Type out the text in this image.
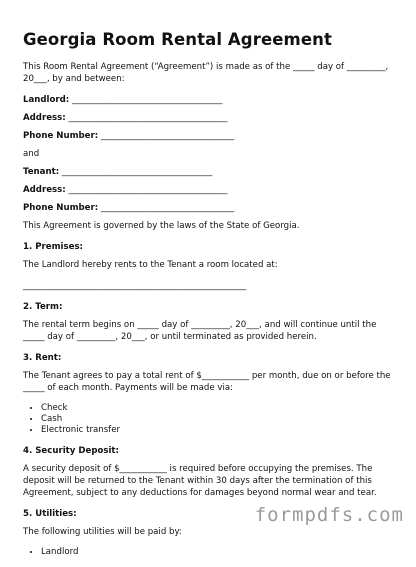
Georgia Room Rental Agreement
This Room Rental Agreement (“Agreement”) is made as of the _____ day of _________, 20___, by and between:
Landlord: ___________________________________
Address: _____________________________________
Phone Number: _______________________________
and
Tenant: ___________________________________
Address: _____________________________________
Phone Number: _______________________________
This Agreement is governed by the laws of the State of Georgia.
1. Premises:
The Landlord hereby rents to the Tenant a room located at:
____________________________________________________
2. Term:
The rental term begins on _____ day of _________, 20___, and will continue until the _____ day of _________, 20___, or until terminated as provided herein.
3. Rent:
The Tenant agrees to pay a total rent of $___________ per month, due on or before the _____ of each month. Payments will be made via:
• Check
• Cash
• Electronic transfer
4. Security Deposit:
A security deposit of $___________ is required before occupying the premises. The deposit will be returned to the Tenant within 30 days after the termination of this Agreement, subject to any deductions for damages beyond normal wear and tear.
5. Utilities:
The following utilities will be paid by:
• Landlord
formpdfs.com
